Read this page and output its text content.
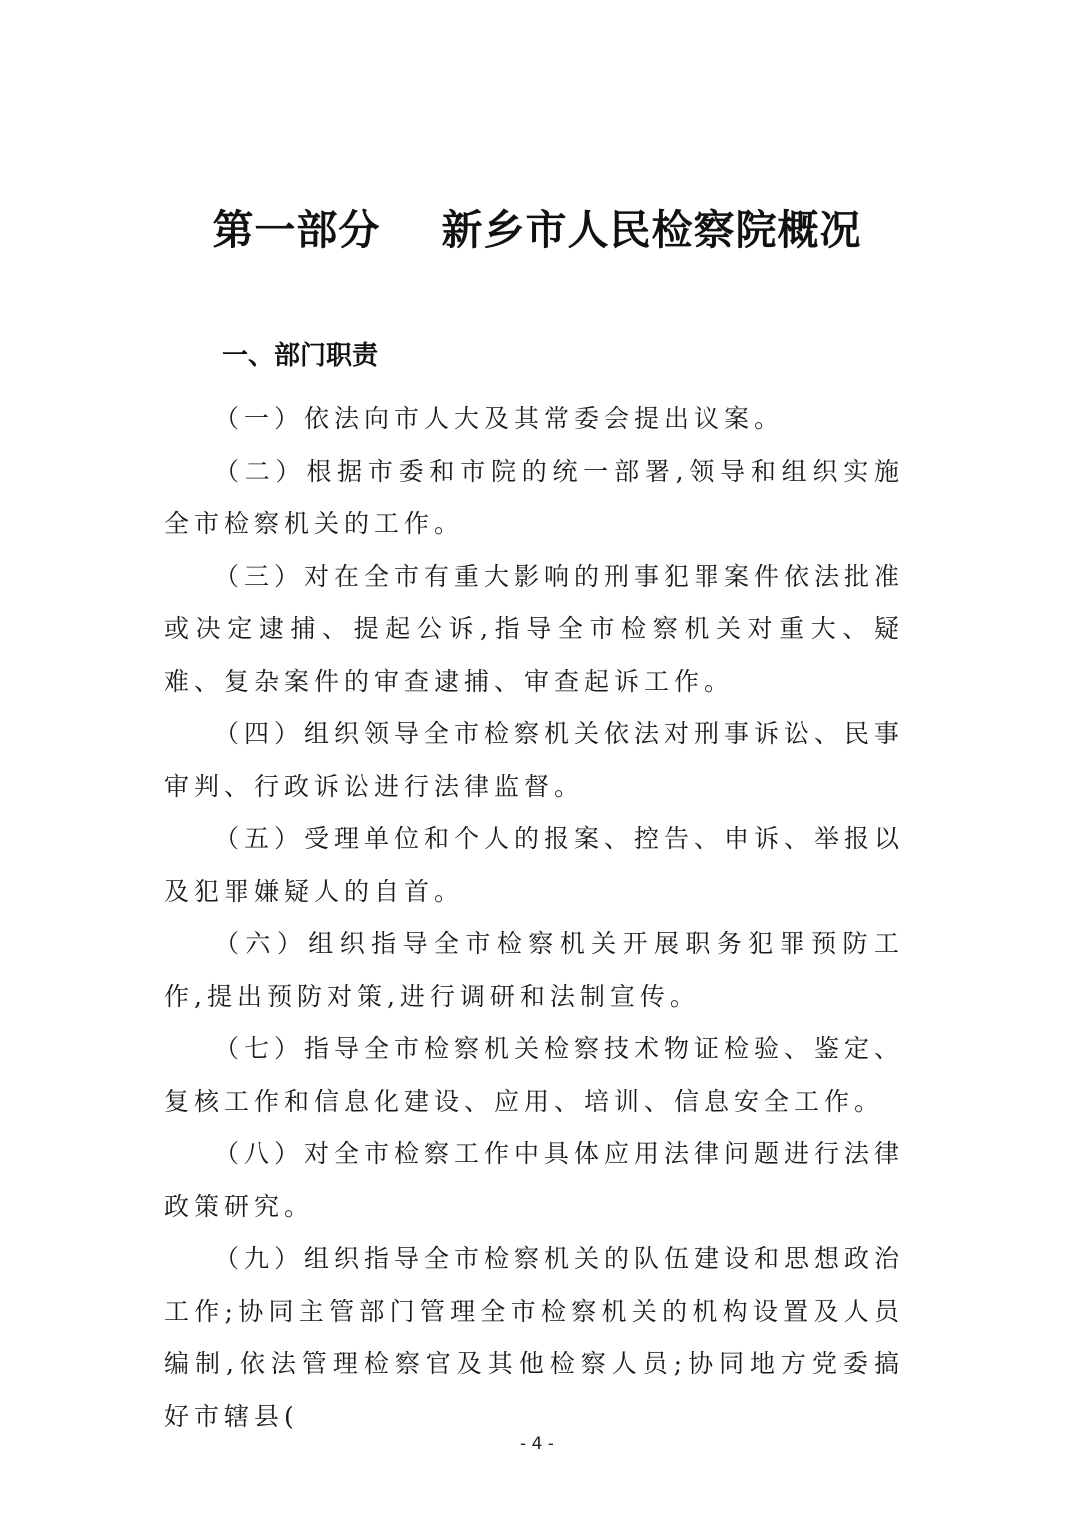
第一部分    新乡市人民检察院概况
一、部门职责

（一）依法向市人大及其常委会提出议案。

（二）根据市委和市院的统一部署,领导和组织实施全市检察机关的工作。

（三）对在全市有重大影响的刑事犯罪案件依法批准或决定逮捕、提起公诉,指导全市检察机关对重大、疑难、复杂案件的审查逮捕、审查起诉工作。

（四）组织领导全市检察机关依法对刑事诉讼、民事审判、行政诉讼进行法律监督。

（五）受理单位和个人的报案、控告、申诉、举报以及犯罪嫌疑人的自首。

（六）组织指导全市检察机关开展职务犯罪预防工作,提出预防对策,进行调研和法制宣传。

（七）指导全市检察机关检察技术物证检验、鉴定、复核工作和信息化建设、应用、培训、信息安全工作。

（八）对全市检察工作中具体应用法律问题进行法律政策研究。

（九）组织指导全市检察机关的队伍建设和思想政治工作;协同主管部门管理全市检察机关的机构设置及人员编制,依法管理检察官及其他检察人员;协同地方党委搞好市辖县(

- 4 -
